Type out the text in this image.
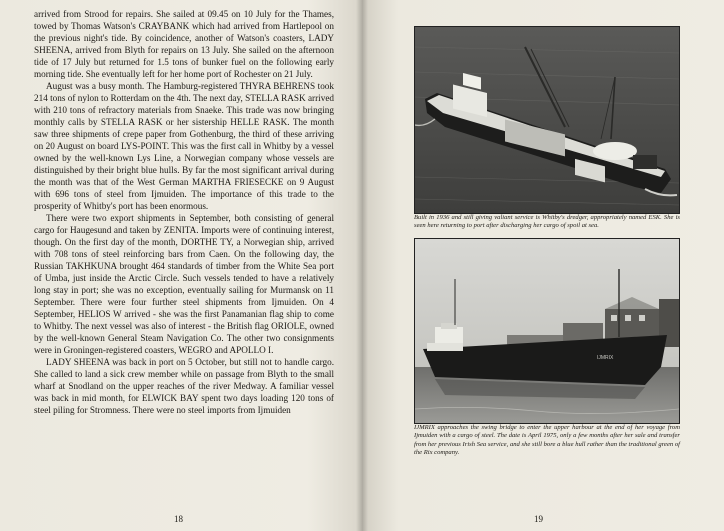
arrived from Strood for repairs. She sailed at 09.45 on 10 July for the Thames, towed by Thomas Watson's CRAYBANK which had arrived from Hartlepool on the previous night's tide. By coincidence, another of Watson's coasters, LADY SHEENA, arrived from Blyth for repairs on 13 July. She sailed on the afternoon tide of 17 July but returned for 1.5 tons of bunker fuel on the following early morning tide. She eventually left for her home port of Rochester on 21 July.

August was a busy month. The Hamburg-registered THYRA BEHRENS took 214 tons of nylon to Rotterdam on the 4th. The next day, STELLA RASK arrived with 210 tons of refractory materials from Snaeke. This trade was now bringing monthly calls by STELLA RASK or her sistership HELLE RASK. The month saw three shipments of crepe paper from Gothenburg, the third of these arriving on 20 August on board LYS-POINT. This was the first call in Whitby by a vessel owned by the well-known Lys Line, a Norwegian company whose vessels are distinguished by their bright blue hulls. By far the most significant arrival during the month was that of the West German MARTHA FRIESECKE on 9 August with 696 tons of steel from Ijmuiden. The importance of this trade to the prosperity of Whitby's port has been enormous.

There were two export shipments in September, both consisting of general cargo for Haugesund and taken by ZENITA. Imports were of continuing interest, though. On the first day of the month, DORTHE TY, a Norwegian ship, arrived with 708 tons of steel reinforcing bars from Caen. On the following day, the Russian TAKHKUNA brought 464 standards of timber from the White Sea port of Umba, just inside the Arctic Circle. Such vessels tended to have a relatively long stay in port; she was no exception, eventually sailing for Murmansk on 11 September. There were four further steel shipments from Ijmuiden. On 4 September, HELIOS W arrived - she was the first Panamanian flag ship to come to Whitby. The next vessel was also of interest - the British flag ORIOLE, owned by the well-known General Steam Navigation Co. The other two consignments were in Groningen-registered coasters, WEGRO and APOLLO I.

LADY SHEENA was back in port on 5 October, but still not to handle cargo. She called to land a sick crew member while on passage from Blyth to the small wharf at Snodland on the upper reaches of the river Medway. A familiar vessel was back in mid month, for ELWICK BAY spent two days loading 120 tons of steel piling for Stromness. There were no steel imports from Ijmuiden

18
Built in 1936 and still giving valiant service is Whitby's dredger, appropriately named ESK. She is seen here returning to port after discharging her cargo of spoil at sea.
IJMRIX
IJMRIX approaches the swing bridge to enter the upper harbour at the end of her voyage from Ijmuiden with a cargo of steel. The date is April 1975, only a few months after her sale and transfer from her previous Irish Sea service, and she still bore a blue hull rather than the traditional green of the Rix company.
19
